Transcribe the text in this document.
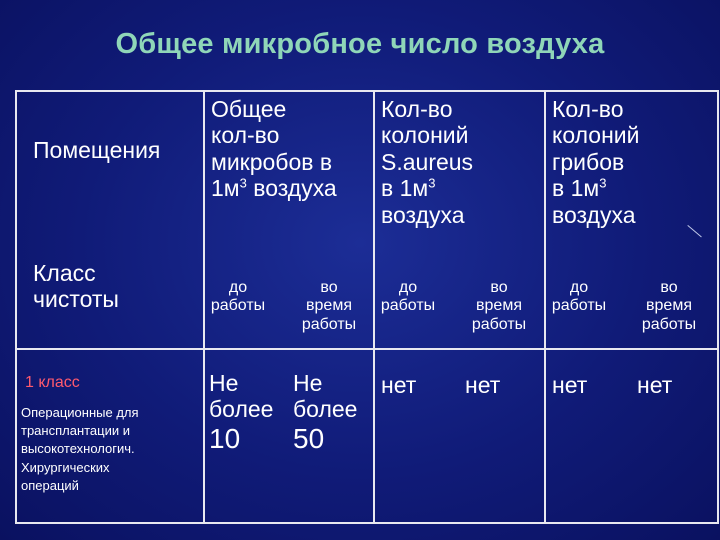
Общее микробное число воздуха
Помещения
Класс
чистоты
Общее
кол-во
микробов в
$1м^3$ воздуха
Кол-во
колоний
S.aureus
в $1м^3$
воздуха
Кол-во
колоний
грибов
в $1м^3$
воздуха
до
работы
во
время
работы
до
работы
во
время
работы
до
работы
во
время
работы
1 класс
Операционные для
трансплантации и
высокотехнологич.
Хирургических
операций
Не
более
10
Не
более
50
нет нет нет нет
